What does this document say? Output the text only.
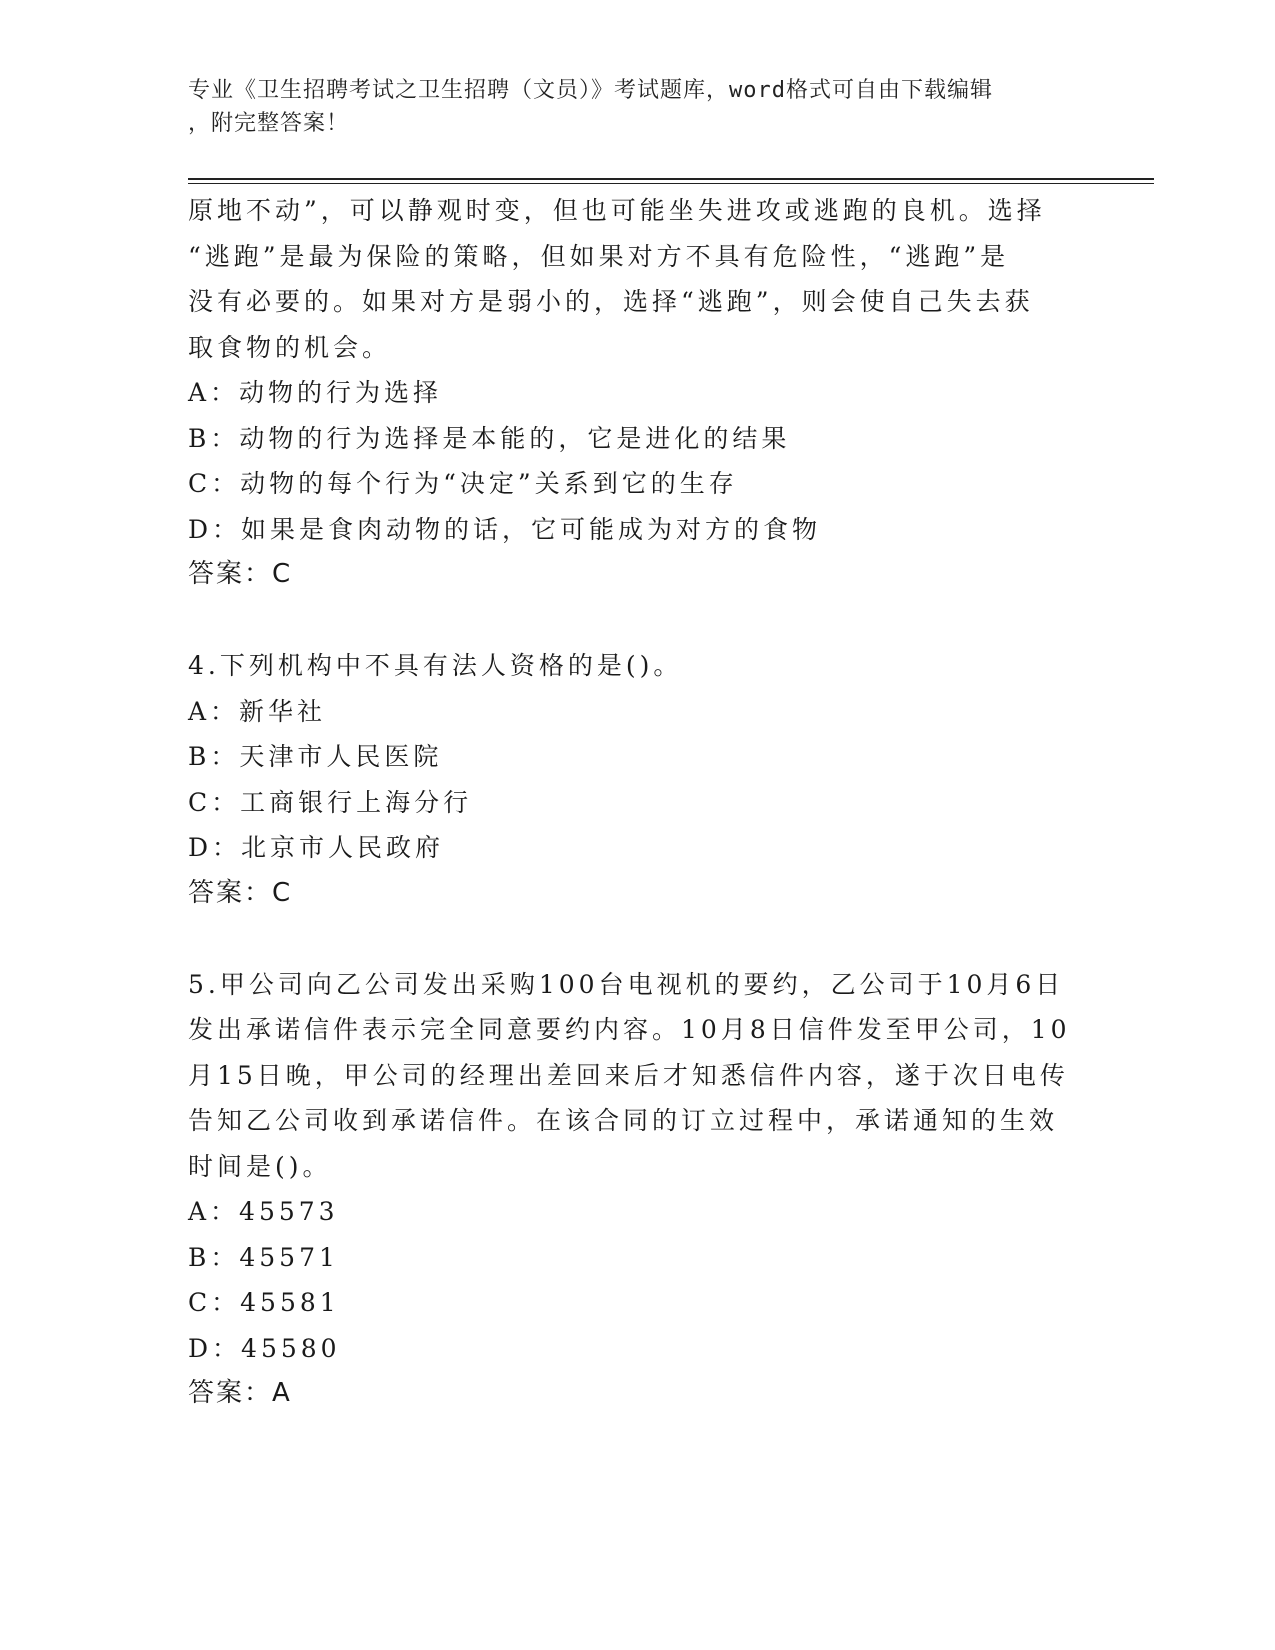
专业《卫生招聘考试之卫生招聘（文员）》考试题库，word格式可自由下载编辑
，附完整答案！
原地不动”，可以静观时变，但也可能坐失进攻或逃跑的良机。选择
“逃跑”是最为保险的策略，但如果对方不具有危险性，“逃跑”是
没有必要的。如果对方是弱小的，选择“逃跑”，则会使自己失去获
取食物的机会。
A：动物的行为选择
B：动物的行为选择是本能的，它是进化的结果
C：动物的每个行为“决定”关系到它的生存
D：如果是食肉动物的话，它可能成为对方的食物
答案：C
4.下列机构中不具有法人资格的是()。
A：新华社
B：天津市人民医院
C：工商银行上海分行
D：北京市人民政府
答案：C
5.甲公司向乙公司发出采购100台电视机的要约，乙公司于10月6日
发出承诺信件表示完全同意要约内容。10月8日信件发至甲公司，10
月15日晚，甲公司的经理出差回来后才知悉信件内容，遂于次日电传
告知乙公司收到承诺信件。在该合同的订立过程中，承诺通知的生效
时间是()。
A：45573
B：45571
C：45581
D：45580
答案：A
